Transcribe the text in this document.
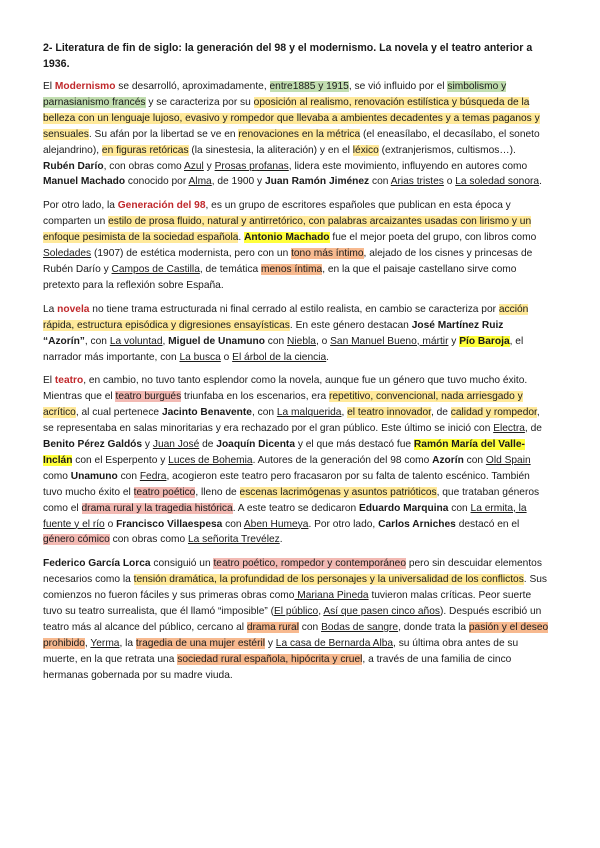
2- Literatura de fin de siglo: la generación del 98 y el modernismo. La novela y el teatro anterior a 1936.

El Modernismo se desarrolló, aproximadamente, entre1885 y 1915, se vió influido por el simbolismo y parnasianismo francés y se caracteriza por su oposición al realismo, renovación estilística y búsqueda de la belleza con un lenguaje lujoso, evasivo y rompedor que llevaba a ambientes decadentes y a temas paganos y sensuales. Su afán por la libertad se ve en renovaciones en la métrica (el eneasílabo, el decasílabo, el soneto alejandrino), en figuras retóricas (la sinestesia, la aliteración) y en el léxico (extranjerismos, cultismos…). Rubén Darío, con obras como Azul y Prosas profanas, lidera este movimiento, influyendo en autores como Manuel Machado conocido por Alma, de 1900 y Juan Ramón Jiménez con Arias tristes o La soledad sonora.

Por otro lado, la Generación del 98, es un grupo de escritores españoles que publican en esta época y comparten un estilo de prosa fluido, natural y antirretórico, con palabras arcaizantes usadas con lirismo y un enfoque pesimista de la sociedad española. Antonio Machado fue el mejor poeta del grupo, con libros como Soledades (1907) de estética modernista, pero con un tono más íntimo, alejado de los cisnes y princesas de Rubén Darío y Campos de Castilla, de temática menos íntima, en la que el paisaje castellano sirve como pretexto para la reflexión sobre España.

La novela no tiene trama estructurada ni final cerrado al estilo realista, en cambio se caracteriza por acción rápida, estructura episódica y digresiones ensayísticas. En este género destacan José Martínez Ruiz “Azorín”, con La voluntad, Miguel de Unamuno con Niebla, o San Manuel Bueno, mártir y Pío Baroja, el narrador más importante, con La busca o El árbol de la ciencia.

El teatro, en cambio, no tuvo tanto esplendor como la novela, aunque fue un género que tuvo mucho éxito. Mientras que el teatro burgués triunfaba en los escenarios, era repetitivo, convencional, nada arriesgado y acrítico, al cual pertenece Jacinto Benavente, con La malquerida, el teatro innovador, de calidad y rompedor, se representaba en salas minoritarias y era rechazado por el gran público. Este último se inició con Electra, de Benito Pérez Galdós y Juan José de Joaquín Dicenta y el que más destacó fue Ramón María del Valle-Inclán con el Esperpento y Luces de Bohemia. Autores de la generación del 98 como Azorín con Old Spain como Unamuno con Fedra, acogieron este teatro pero fracasaron por su falta de talento escénico. También tuvo mucho éxito el teatro poético, lleno de escenas lacrimógenas y asuntos patrióticos, que trataban géneros como el drama rural y la tragedia histórica. A este teatro se dedicaron Eduardo Marquina con La ermita, la fuente y el río o Francisco Villaespesa con Aben Humeya. Por otro lado, Carlos Arniches destacó en el género cómico con obras como La señorita Trevélez.

Federico García Lorca consiguió un teatro poético, rompedor y contemporáneo pero sin descuidar elementos necesarios como la tensión dramática, la profundidad de los personajes y la universalidad de los conflictos. Sus comienzos no fueron fáciles y sus primeras obras como Mariana Pineda tuvieron malas críticas. Peor suerte tuvo su teatro surrealista, que él llamó “imposible” (El público, Así que pasen cinco años). Después escribió un teatro más al alcance del público, cercano al drama rural con Bodas de sangre, donde trata la pasión y el deseo prohibido, Yerma, la tragedia de una mujer estéril y La casa de Bernarda Alba, su última obra antes de su muerte, en la que retrata una sociedad rural española, hipócrita y cruel, a través de una familia de cinco hermanas gobernada por su madre viuda.
